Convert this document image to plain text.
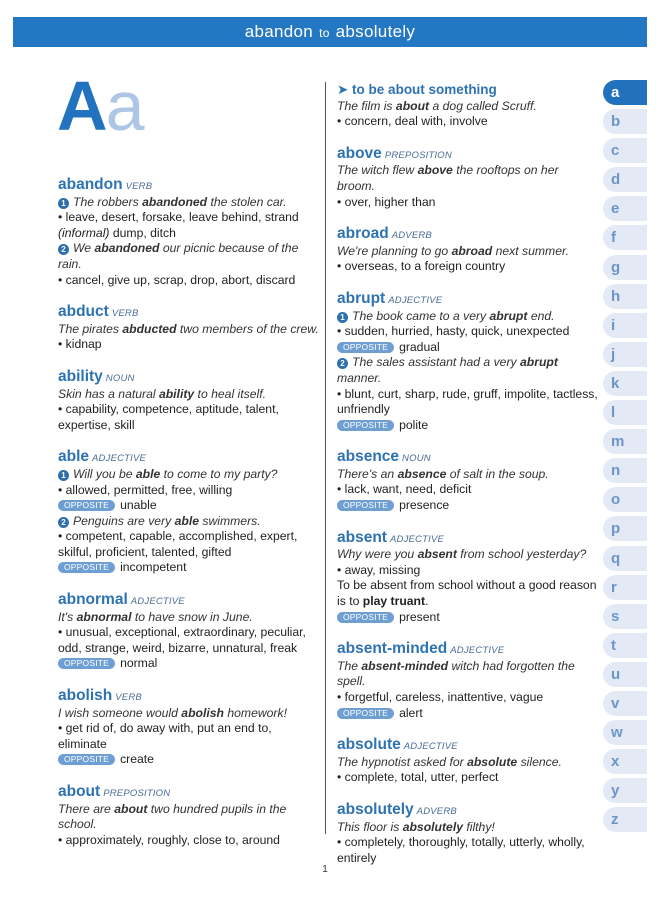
abandon to absolutely
Aa
abandon VERB
1 The robbers abandoned the stolen car.
• leave, desert, forsake, leave behind, strand
(informal) dump, ditch
2 We abandoned our picnic because of the rain.
• cancel, give up, scrap, drop, abort, discard
abduct VERB
The pirates abducted two members of the crew.
• kidnap
ability NOUN
Skin has a natural ability to heal itself.
• capability, competence, aptitude, talent, expertise, skill
able ADJECTIVE
1 Will you be able to come to my party?
• allowed, permitted, free, willing
OPPOSITE unable
2 Penguins are very able swimmers.
• competent, capable, accomplished, expert, skilful, proficient, talented, gifted
OPPOSITE incompetent
abnormal ADJECTIVE
It's abnormal to have snow in June.
• unusual, exceptional, extraordinary, peculiar, odd, strange, weird, bizarre, unnatural, freak
OPPOSITE normal
abolish VERB
I wish someone would abolish homework!
• get rid of, do away with, put an end to, eliminate
OPPOSITE create
about PREPOSITION
There are about two hundred pupils in the school.
• approximately, roughly, close to, around
➤ to be about something
The film is about a dog called Scruff.
• concern, deal with, involve
above PREPOSITION
The witch flew above the rooftops on her broom.
• over, higher than
abroad ADVERB
We're planning to go abroad next summer.
• overseas, to a foreign country
abrupt ADJECTIVE
1 The book came to a very abrupt end.
• sudden, hurried, hasty, quick, unexpected
OPPOSITE gradual
2 The sales assistant had a very abrupt manner.
• blunt, curt, sharp, rude, gruff, impolite, tactless, unfriendly
OPPOSITE polite
absence NOUN
There's an absence of salt in the soup.
• lack, want, need, deficit
OPPOSITE presence
absent ADJECTIVE
Why were you absent from school yesterday?
• away, missing
To be absent from school without a good reason is to play truant.
OPPOSITE present
absent-minded ADJECTIVE
The absent-minded witch had forgotten the spell.
• forgetful, careless, inattentive, vague
OPPOSITE alert
absolute ADJECTIVE
The hypnotist asked for absolute silence.
• complete, total, utter, perfect
absolutely ADVERB
This floor is absolutely filthy!
• completely, thoroughly, totally, utterly, wholly, entirely
a
b
c
d
e
f
g
h
i
j
k
l
m
n
o
p
q
r
s
t
u
v
w
x
y
z
1
